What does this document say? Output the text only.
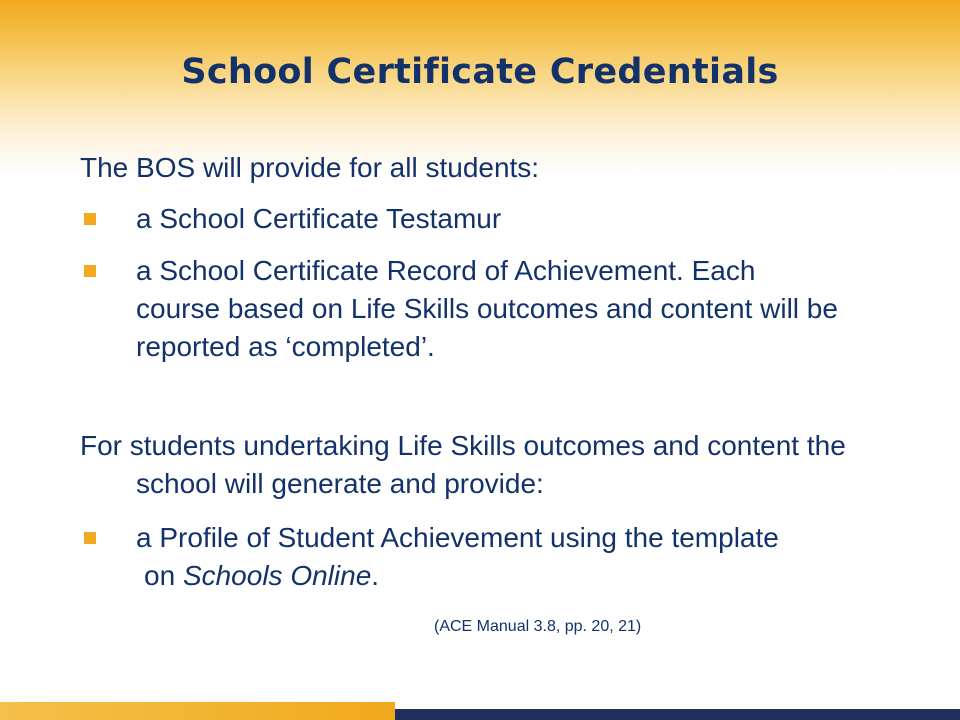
School Certificate Credentials
The BOS will provide for all students:
a School Certificate Testamur
a School Certificate Record of Achievement. Each
course based on Life Skills outcomes and content will be
reported as ‘completed’.
For students undertaking Life Skills outcomes and content the
school will generate and provide:
a Profile of Student Achievement using the template
on Schools Online.
(ACE Manual 3.8, pp. 20, 21)
